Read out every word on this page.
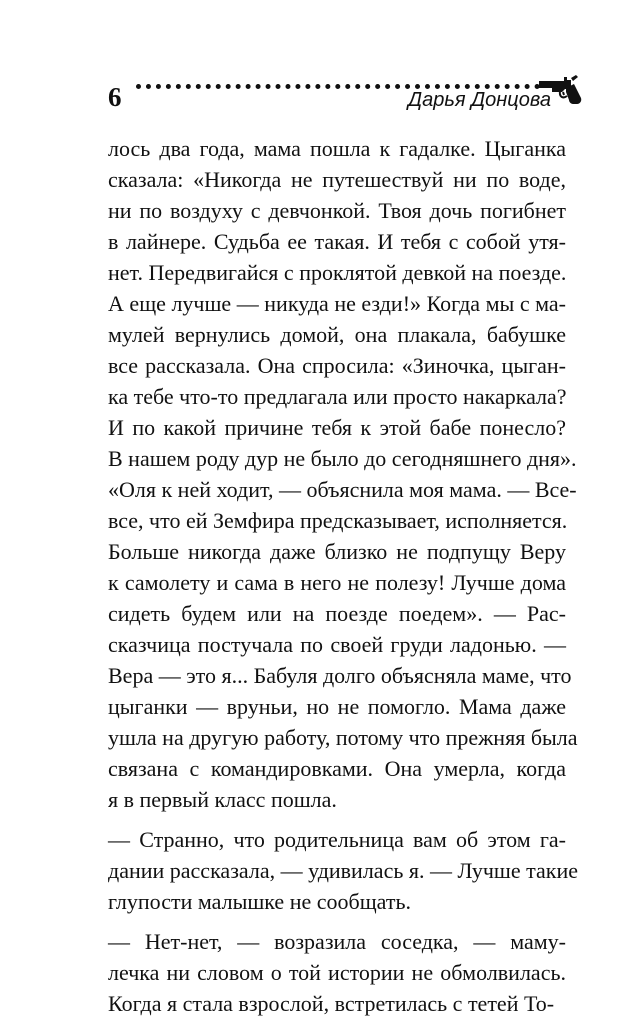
6	Дарья Донцова
лось два года, мама пошла к гадалке. Цыганка
сказала: «Никогда не путешествуй ни по воде,
ни по воздуху с девчонкой. Твоя дочь погибнет
в лайнере. Судьба ее такая. И тебя с собой утя-
нет. Передвигайся с проклятой девкой на поезде.
А еще лучше — никуда не езди!» Когда мы с ма-
мулей вернулись домой, она плакала, бабушке
все рассказала. Она спросила: «Зиночка, цыган-
ка тебе что-то предлагала или просто накаркала?
И по какой причине тебя к этой бабе понесло?
В нашем роду дур не было до сегодняшнего дня».
«Оля к ней ходит, — объяснила моя мама. — Все-
все, что ей Земфира предсказывает, исполняется.
Больше никогда даже близко не подпущу Веру
к самолету и сама в него не полезу! Лучше дома
сидеть будем или на поезде поедем». — Рас-
сказчица постучала по своей груди ладонью. —
Вера — это я... Бабуля долго объясняла маме, что
цыганки — вруньи, но не помогло. Мама даже
ушла на другую работу, потому что прежняя была
связана с командировками. Она умерла, когда
я в первый класс пошла.
— Странно, что родительница вам об этом га-
дании рассказала, — удивилась я. — Лучше такие
глупости малышке не сообщать.
— Нет-нет, — возразила соседка, — маму-
лечка ни словом о той истории не обмолвилась.
Когда я стала взрослой, встретилась с тетей То-
